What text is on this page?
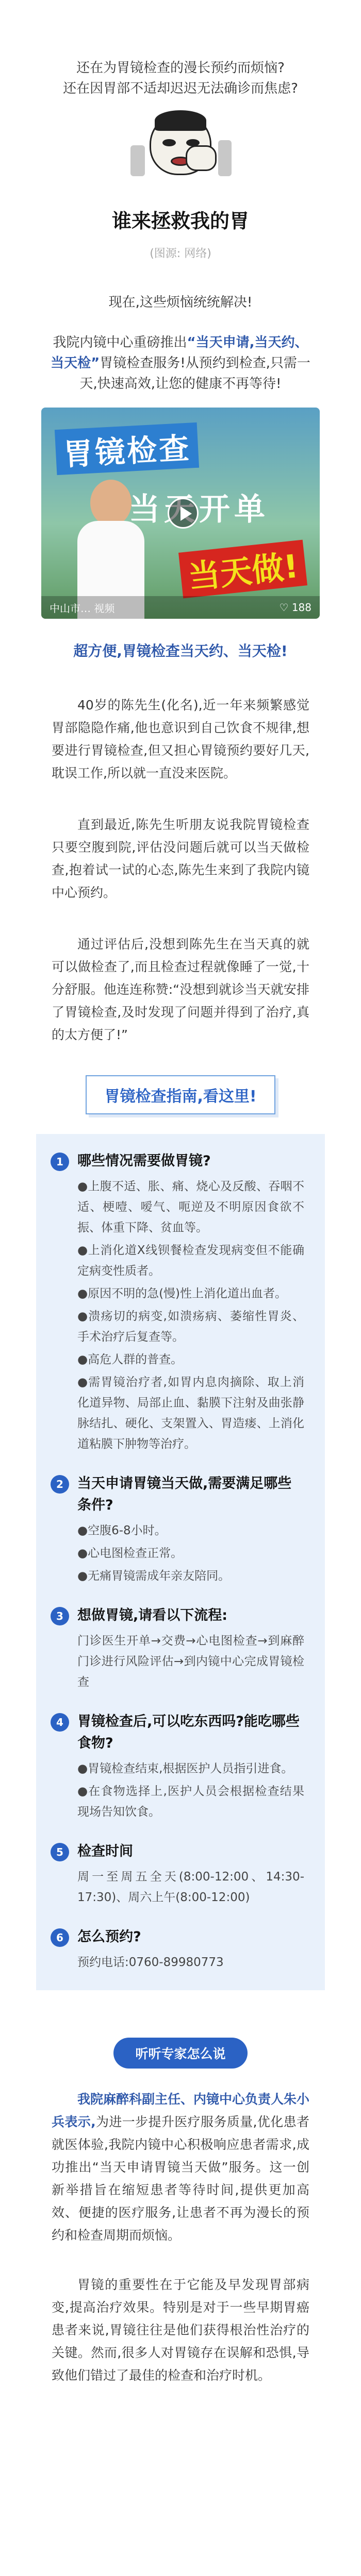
还在为胃镜检查的漫长预约而烦恼?

还在因胃部不适却迟迟无法确诊而焦虑?

谁来拯救我的胃
(图源: 网络)
现在,这些烦恼统统解决!
我院内镜中心重磅推出“当天申请,当天约、当天检”胃镜检查服务!从预约到检查,只需一天,快速高效,让您的健康不再等待!
胃镜检查
当天开单
当天做!
中山市… 视频	♡ 188
超方便,胃镜检查当天约、当天检!

40岁的陈先生(化名),近一年来频繁感觉胃部隐隐作痛,他也意识到自己饮食不规律,想要进行胃镜检查,但又担心胃镜预约要好几天,耽误工作,所以就一直没来医院。

直到最近,陈先生听朋友说我院胃镜检查只要空腹到院,评估没问题后就可以当天做检查,抱着试一试的心态,陈先生来到了我院内镜中心预约。

通过评估后,没想到陈先生在当天真的就可以做检查了,而且检查过程就像睡了一觉,十分舒服。他连连称赞:“没想到就诊当天就安排了胃镜检查,及时发现了问题并得到了治疗,真的太方便了!”

胃镜检查指南,看这里!
1	哪些情况需要做胃镜?

●上腹不适、胀、痛、烧心及反酸、吞咽不适、梗噎、嗳气、呃逆及不明原因食欲不振、体重下降、贫血等。

●上消化道X线钡餐检查发现病变但不能确定病变性质者。

●原因不明的急(慢)性上消化道出血者。

●溃疡切的病变,如溃疡病、萎缩性胃炎、手术治疗后复查等。

●高危人群的普查。

●需胃镜治疗者,如胃内息肉摘除、取上消化道异物、局部止血、黏膜下注射及曲张静脉结扎、硬化、支架置入、胃造瘘、上消化道粘膜下肿物等治疗。

2	当天申请胃镜当天做,需要满足哪些条件?

●空腹6-8小时。

●心电图检查正常。

●无痛胃镜需成年亲友陪同。

3	想做胃镜,请看以下流程:

门诊医生开单→交费→心电图检查→到麻醉门诊进行风险评估→到内镜中心完成胃镜检查

4	胃镜检查后,可以吃东西吗?能吃哪些食物?

●胃镜检查结束,根据医护人员指引进食。

●在食物选择上,医护人员会根据检查结果现场告知饮食。

5	检查时间

周一至周五全天(8:00-12:00、14:30-17:30)、周六上午(8:00-12:00)

6	怎么预约?

预约电话:0760-89980773

听听专家怎么说

我院麻醉科副主任、内镜中心负责人朱小兵表示,为进一步提升医疗服务质量,优化患者就医体验,我院内镜中心积极响应患者需求,成功推出“当天申请胃镜当天做”服务。这一创新举措旨在缩短患者等待时间,提供更加高效、便捷的医疗服务,让患者不再为漫长的预约和检查周期而烦恼。

胃镜的重要性在于它能及早发现胃部病变,提高治疗效果。特别是对于一些早期胃癌患者来说,胃镜往往是他们获得根治性治疗的关键。然而,很多人对胃镜存在误解和恐惧,导致他们错过了最佳的检查和治疗时机。
